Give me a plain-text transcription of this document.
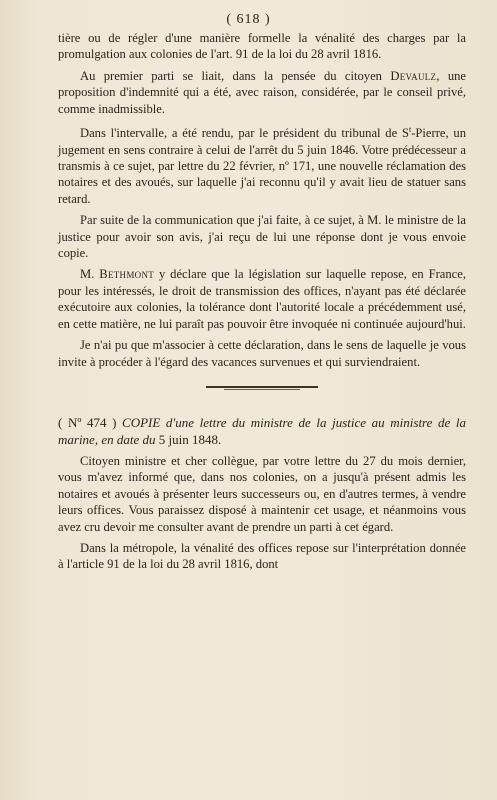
( 618 )

tière ou de régler d'une manière formelle la vénalité des charges par la promulgation aux colonies de l'art. 91 de la loi du 28 avril 1816.

Au premier parti se liait, dans la pensée du citoyen Devaulz, une proposition d'indemnité qui a été, avec raison, considérée, par le conseil privé, comme inadmissible.

Dans l'intervalle, a été rendu, par le président du tribunal de $S^t$-Pierre, un jugement en sens contraire à celui de l'arrêt du 5 juin 1846. Votre prédécesseur a transmis à ce sujet, par lettre du 22 février, nº 171, une nouvelle réclamation des notaires et des avoués, sur laquelle j'ai reconnu qu'il y avait lieu de statuer sans retard.

Par suite de la communication que j'ai faite, à ce sujet, à M. le ministre de la justice pour avoir son avis, j'ai reçu de lui une réponse dont je vous envoie copie.

M. Bethmont y déclare que la législation sur laquelle repose, en France, pour les intéressés, le droit de transmission des offices, n'ayant pas été déclarée exécutoire aux colonies, la tolérance dont l'autorité locale a précédemment usé, en cette matière, ne lui paraît pas pouvoir être invoquée ni continuée aujourd'hui.

Je n'ai pu que m'associer à cette déclaration, dans le sens de laquelle je vous invite à procéder à l'égard des vacances survenues et qui surviendraient.

( Nº 474 ) COPIE d'une lettre du ministre de la justice au ministre de la marine, en date du 5 juin 1848.

Citoyen ministre et cher collègue, par votre lettre du 27 du mois dernier, vous m'avez informé que, dans nos colonies, on a jusqu'à présent admis les notaires et avoués à présenter leurs successeurs ou, en d'autres termes, à vendre leurs offices. Vous paraissez disposé à maintenir cet usage, et néanmoins vous avez cru devoir me consulter avant de prendre un parti à cet égard.

Dans la métropole, la vénalité des offices repose sur l'interprétation donnée à l'article 91 de la loi du 28 avril 1816, dont
